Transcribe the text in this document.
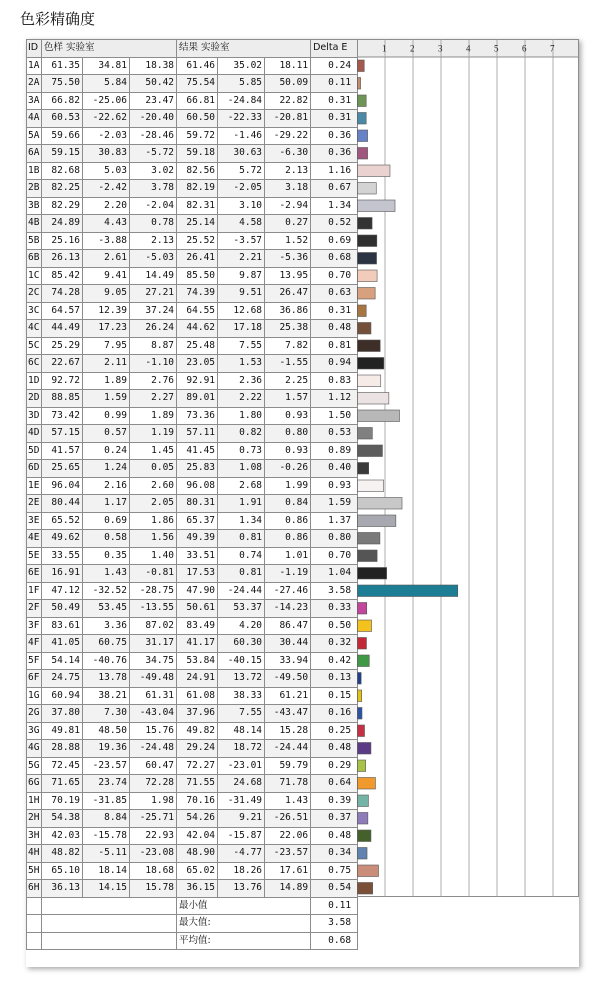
色彩精确度
1	2	3	4	5	6	7
ID	色样 实验室			结果 实验室			Delta E
1A	61.35	34.81	18.38	61.46	35.02	18.11	0.24
2A	75.50	5.84	50.42	75.54	5.85	50.09	0.11
3A	66.82	-25.06	23.47	66.81	-24.84	22.82	0.31
4A	60.53	-22.62	-20.40	60.50	-22.33	-20.81	0.31
5A	59.66	-2.03	-28.46	59.72	-1.46	-29.22	0.36
6A	59.15	30.83	-5.72	59.18	30.63	-6.30	0.36
1B	82.68	5.03	3.02	82.56	5.72	2.13	1.16
2B	82.25	-2.42	3.78	82.19	-2.05	3.18	0.67
3B	82.29	2.20	-2.04	82.31	3.10	-2.94	1.34
4B	24.89	4.43	0.78	25.14	4.58	0.27	0.52
5B	25.16	-3.88	2.13	25.52	-3.57	1.52	0.69
6B	26.13	2.61	-5.03	26.41	2.21	-5.36	0.68
1C	85.42	9.41	14.49	85.50	9.87	13.95	0.70
2C	74.28	9.05	27.21	74.39	9.51	26.47	0.63
3C	64.57	12.39	37.24	64.55	12.68	36.86	0.31
4C	44.49	17.23	26.24	44.62	17.18	25.38	0.48
5C	25.29	7.95	8.87	25.48	7.55	7.82	0.81
6C	22.67	2.11	-1.10	23.05	1.53	-1.55	0.94
1D	92.72	1.89	2.76	92.91	2.36	2.25	0.83
2D	88.85	1.59	2.27	89.01	2.22	1.57	1.12
3D	73.42	0.99	1.89	73.36	1.80	0.93	1.50
4D	57.15	0.57	1.19	57.11	0.82	0.80	0.53
5D	41.57	0.24	1.45	41.45	0.73	0.93	0.89
6D	25.65	1.24	0.05	25.83	1.08	-0.26	0.40
1E	96.04	2.16	2.60	96.08	2.68	1.99	0.93
2E	80.44	1.17	2.05	80.31	1.91	0.84	1.59
3E	65.52	0.69	1.86	65.37	1.34	0.86	1.37
4E	49.62	0.58	1.56	49.39	0.81	0.86	0.80
5E	33.55	0.35	1.40	33.51	0.74	1.01	0.70
6E	16.91	1.43	-0.81	17.53	0.81	-1.19	1.04
1F	47.12	-32.52	-28.75	47.90	-24.44	-27.46	3.58
2F	50.49	53.45	-13.55	50.61	53.37	-14.23	0.33
3F	83.61	3.36	87.02	83.49	4.20	86.47	0.50
4F	41.05	60.75	31.17	41.17	60.30	30.44	0.32
5F	54.14	-40.76	34.75	53.84	-40.15	33.94	0.42
6F	24.75	13.78	-49.48	24.91	13.72	-49.50	0.13
1G	60.94	38.21	61.31	61.08	38.33	61.21	0.15
2G	37.80	7.30	-43.04	37.96	7.55	-43.47	0.16
3G	49.81	48.50	15.76	49.82	48.14	15.28	0.25
4G	28.88	19.36	-24.48	29.24	18.72	-24.44	0.48
5G	72.45	-23.57	60.47	72.27	-23.01	59.79	0.29
6G	71.65	23.74	72.28	71.55	24.68	71.78	0.64
1H	70.19	-31.85	1.98	70.16	-31.49	1.43	0.39
2H	54.38	8.84	-25.71	54.26	9.21	-26.51	0.37
3H	42.03	-15.78	22.93	42.04	-15.87	22.06	0.48
4H	48.82	-5.11	-23.08	48.90	-4.77	-23.57	0.34
5H	65.10	18.14	18.68	65.02	18.26	17.61	0.75
6H	36.13	14.15	15.78	36.15	13.76	14.89	0.54
				最小值			0.11
				最大值:			3.58
				平均值:			0.68
